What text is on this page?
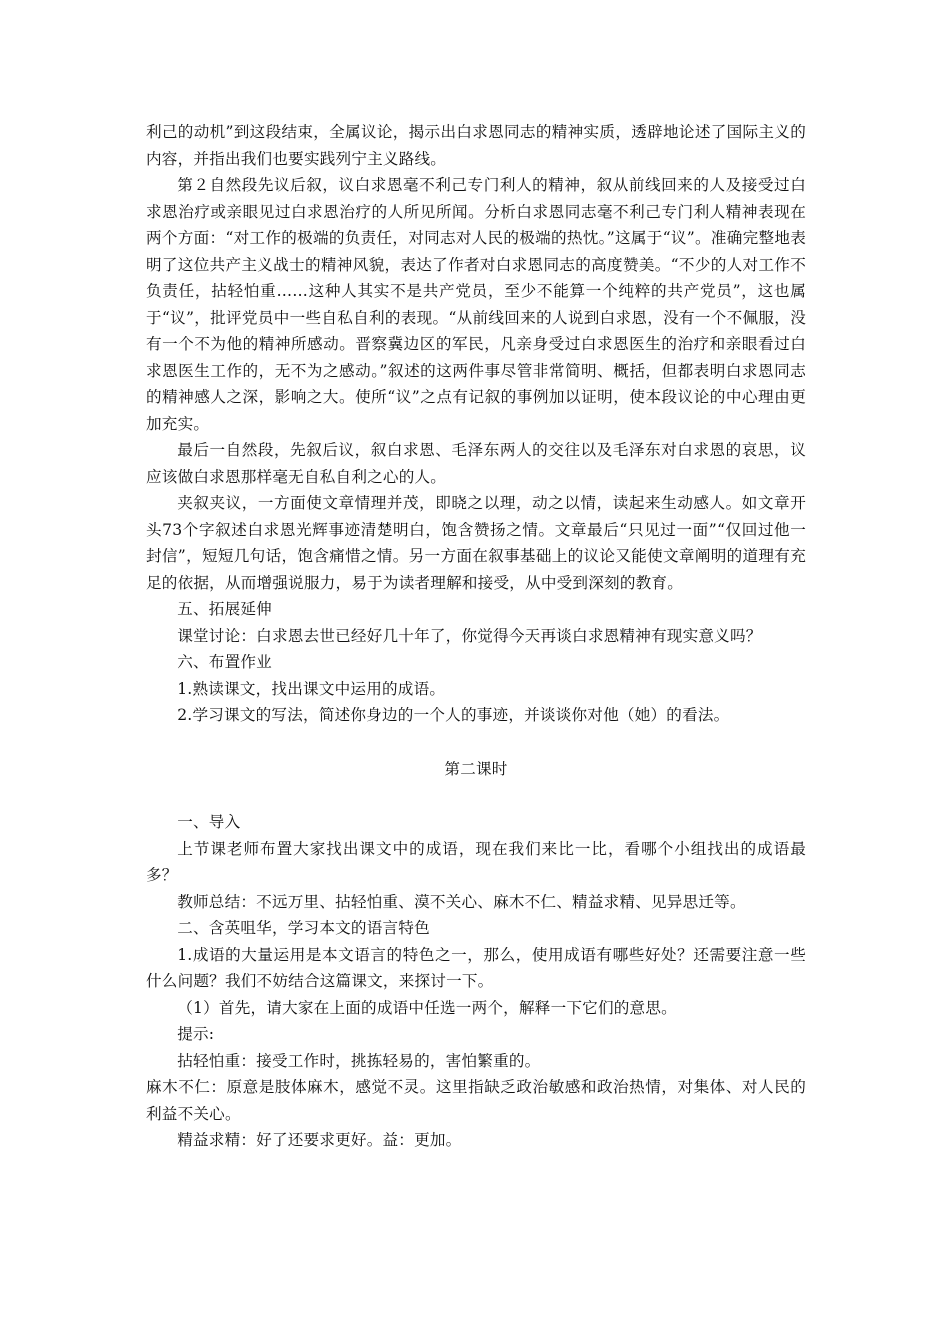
利己的动机”到这段结束，全属议论，揭示出白求恩同志的精神实质，透辟地论述了国际主义的内容，并指出我们也要实践列宁主义路线。

第２自然段先议后叙，议白求恩毫不利己专门利人的精神，叙从前线回来的人及接受过白求恩治疗或亲眼见过白求恩治疗的人所见所闻。分析白求恩同志毫不利己专门利人精神表现在两个方面：“对工作的极端的负责任，对同志对人民的极端的热忱。”这属于“议”。准确完整地表明了这位共产主义战士的精神风貌，表达了作者对白求恩同志的高度赞美。“不少的人对工作不负责任，拈轻怕重……这种人其实不是共产党员，至少不能算一个纯粹的共产党员”，这也属于“议”，批评党员中一些自私自利的表现。“从前线回来的人说到白求恩，没有一个不佩服，没有一个不为他的精神所感动。晋察冀边区的军民，凡亲身受过白求恩医生的治疗和亲眼看过白求恩医生工作的，无不为之感动。”叙述的这两件事尽管非常简明、概括，但都表明白求恩同志的精神感人之深，影响之大。使所“议”之点有记叙的事例加以证明，使本段议论的中心理由更加充实。

最后一自然段，先叙后议，叙白求恩、毛泽东两人的交往以及毛泽东对白求恩的哀思，议应该做白求恩那样毫无自私自利之心的人。

夹叙夹议，一方面使文章情理并茂，即晓之以理，动之以情，读起来生动感人。如文章开头73个字叙述白求恩光辉事迹清楚明白，饱含赞扬之情。文章最后“只见过一面”“仅回过他一封信”，短短几句话，饱含痛惜之情。另一方面在叙事基础上的议论又能使文章阐明的道理有充足的依据，从而增强说服力，易于为读者理解和接受，从中受到深刻的教育。

五、拓展延伸

课堂讨论：白求恩去世已经好几十年了，你觉得今天再谈白求恩精神有现实意义吗？

六、布置作业

1.熟读课文，找出课文中运用的成语。

2.学习课文的写法，简述你身边的一个人的事迹，并谈谈你对他（她）的看法。

第二课时

一、导入

上节课老师布置大家找出课文中的成语，现在我们来比一比，看哪个小组找出的成语最多？

教师总结：不远万里、拈轻怕重、漠不关心、麻木不仁、精益求精、见异思迁等。

二、含英咀华，学习本文的语言特色

1.成语的大量运用是本文语言的特色之一，那么，使用成语有哪些好处？还需要注意一些什么问题？我们不妨结合这篇课文，来探讨一下。

（1）首先，请大家在上面的成语中任选一两个，解释一下它们的意思。

提示:

拈轻怕重：接受工作时，挑拣轻易的，害怕繁重的。

麻木不仁：原意是肢体麻木，感觉不灵。这里指缺乏政治敏感和政治热情，对集体、对人民的利益不关心。

精益求精：好了还要求更好。益：更加。
